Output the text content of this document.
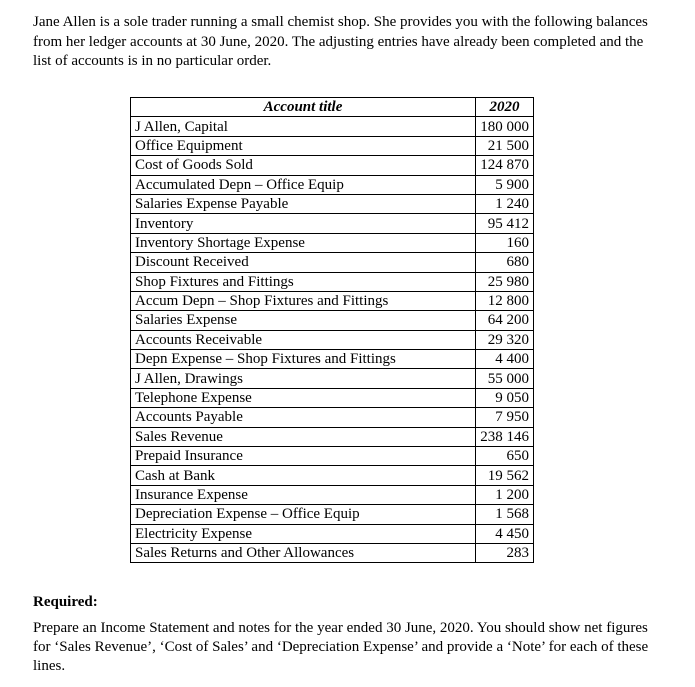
Jane Allen is a sole trader running a small chemist shop. She provides you with the following balances from her ledger accounts at 30 June, 2020. The adjusting entries have already been completed and the list of accounts is in no particular order.

Account title	2020
J Allen, Capital	180 000
Office Equipment	21 500
Cost of Goods Sold	124 870
Accumulated Depn – Office Equip	5 900
Salaries Expense Payable	1 240
Inventory	95 412
Inventory Shortage Expense	160
Discount Received	680
Shop Fixtures and Fittings	25 980
Accum Depn – Shop Fixtures and Fittings	12 800
Salaries Expense	64 200
Accounts Receivable	29 320
Depn Expense – Shop Fixtures and Fittings	4 400
J Allen, Drawings	55 000
Telephone Expense	9 050
Accounts Payable	7 950
Sales Revenue	238 146
Prepaid Insurance	650
Cash at Bank	19 562
Insurance Expense	1 200
Depreciation Expense – Office Equip	1 568
Electricity Expense	4 450
Sales Returns and Other Allowances	283

Required:

Prepare an Income Statement and notes for the year ended 30 June, 2020. You should show net figures for ‘Sales Revenue’, ‘Cost of Sales’ and ‘Depreciation Expense’ and provide a ‘Note’ for each of these lines.
